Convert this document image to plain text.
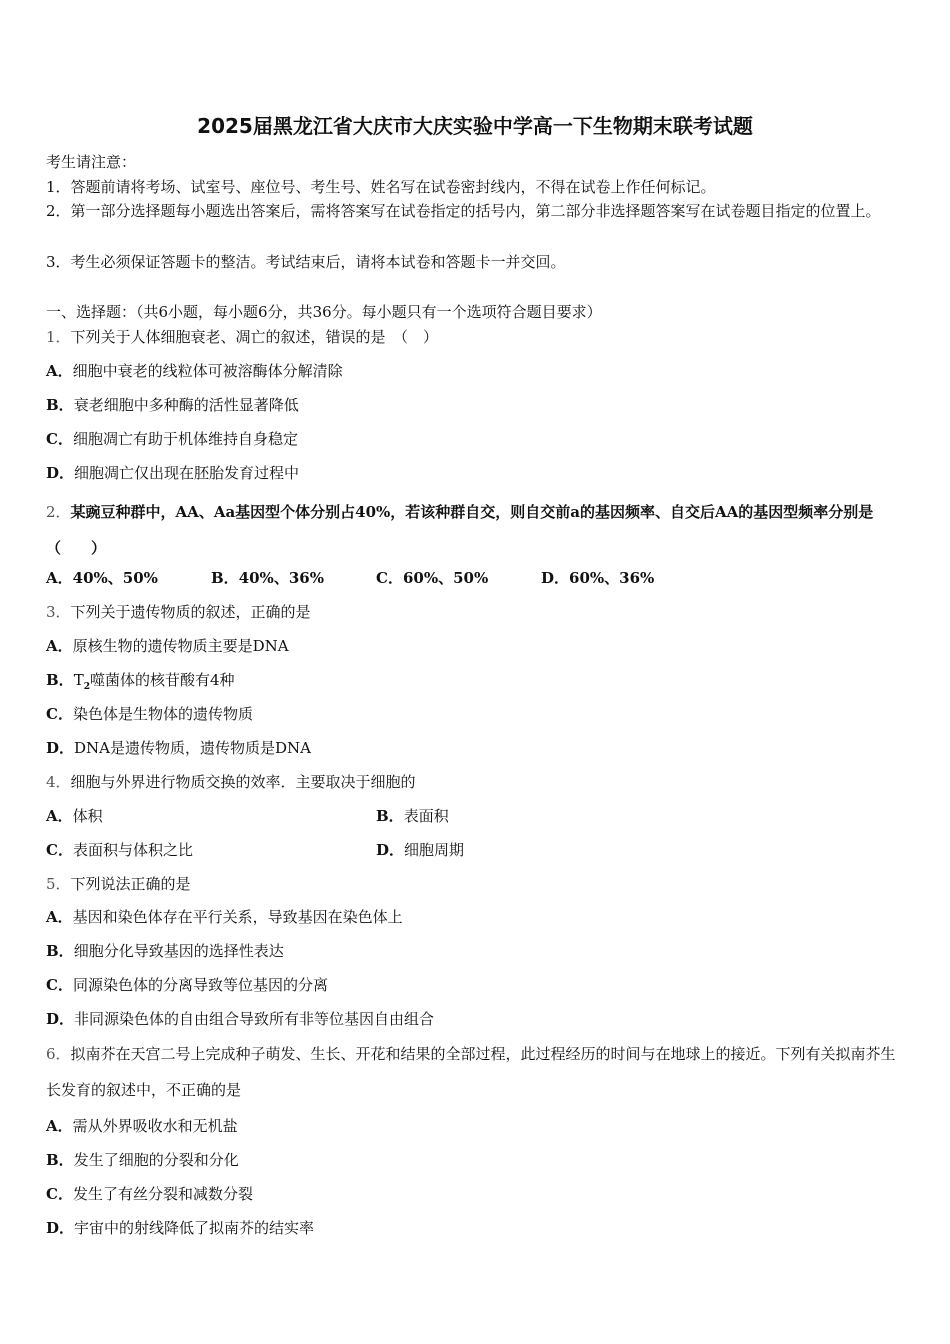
2025届黑龙江省大庆市大庆实验中学高一下生物期末联考试题
考生请注意：
1．答题前请将考场、试室号、座位号、考生号、姓名写在试卷密封线内，不得在试卷上作任何标记。
2．第一部分选择题每小题选出答案后，需将答案写在试卷指定的括号内，第二部分非选择题答案写在试卷题目指定的位置上。
3．考生必须保证答题卡的整洁。考试结束后，请将本试卷和答题卡一并交回。
一、选择题：（共6小题，每小题6分，共36分。每小题只有一个选项符合题目要求）
1．下列关于人体细胞衰老、凋亡的叙述，错误的是　（　）
A．细胞中衰老的线粒体可被溶酶体分解清除
B．衰老细胞中多种酶的活性显著降低
C．细胞凋亡有助于机体维持自身稳定
D．细胞凋亡仅出现在胚胎发育过程中
2．某豌豆种群中，AA、Aa基因型个体分别占40%，若该种群自交，则自交前a的基因频率、自交后AA的基因型频率分别是（　　）
A．40%、50%	B．40%、36%	C．60%、50%	D．60%、36%
3．下列关于遗传物质的叙述，正确的是
A．原核生物的遗传物质主要是DNA
B．$T_2$噬菌体的核苷酸有4种
C．染色体是生物体的遗传物质
D．DNA是遗传物质，遗传物质是DNA
4．细胞与外界进行物质交换的效率．主要取决于细胞的
A．体积	B．表面积
C．表面积与体积之比	D．细胞周期
5．下列说法正确的是
A．基因和染色体存在平行关系，导致基因在染色体上
B．细胞分化导致基因的选择性表达
C．同源染色体的分离导致等位基因的分离
D．非同源染色体的自由组合导致所有非等位基因自由组合
6．拟南芥在天宫二号上完成种子萌发、生长、开花和结果的全部过程，此过程经历的时间与在地球上的接近。下列有关拟南芥生长发育的叙述中，不正确的是
A．需从外界吸收水和无机盐
B．发生了细胞的分裂和分化
C．发生了有丝分裂和减数分裂
D．宇宙中的射线降低了拟南芥的结实率
